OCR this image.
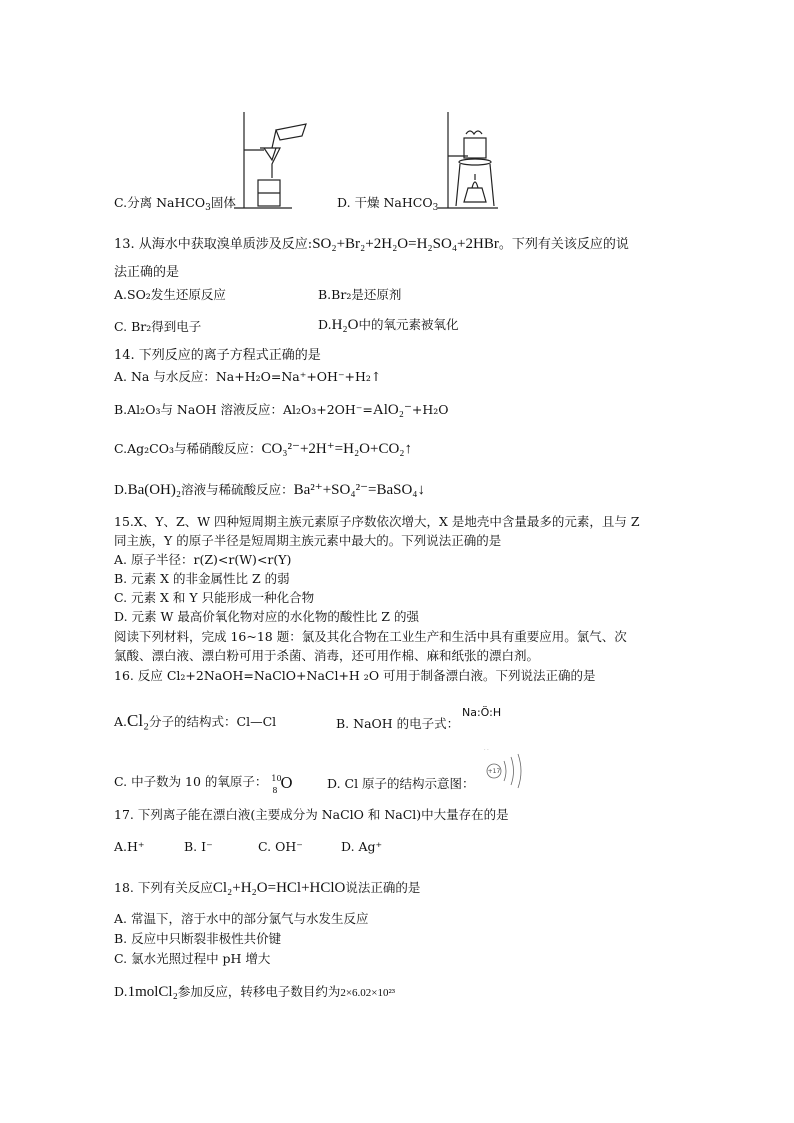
C.分离 NaHCO$_3$固体	D. 干燥 NaHCO$_3$
13. 从海水中获取溴单质涉及反应:SO₂+Br₂+2H₂O=H₂SO₄+2HBr。下列有关该反应的说
法正确的是
A.SO₂发生还原反应	B.Br₂是还原剂
C. Br₂得到电子	D.H₂O中的氧元素被氧化
14. 下列反应的离子方程式正确的是
A. Na 与水反应：Na+H₂O=Na⁺+OH⁻+H₂↑
B.Al₂O₃与 NaOH 溶液反应：Al₂O₃+2OH⁻=AlO₂⁻+H₂O
C.Ag₂CO₃与稀硝酸反应：CO₃²⁻+2H⁺=H₂O+CO₂↑
D.Ba(OH)₂溶液与稀硫酸反应：Ba²⁺+SO₄²⁻=BaSO₄↓
15.X、Y、Z、W 四种短周期主族元素原子序数依次增大，X 是地壳中含量最多的元素，且与 Z
同主族，Y 的原子半径是短周期主族元素中最大的。下列说法正确的是
A. 原子半径：r(Z)<r(W)<r(Y)
B. 元素 X 的非金属性比 Z 的弱
C. 元素 X 和 Y 只能形成一种化合物
D. 元素 W 最高价氧化物对应的水化物的酸性比 Z 的强
阅读下列材料，完成 16~18 题：氯及其化合物在工业生产和生活中具有重要应用。氯气、次
氯酸、漂白液、漂白粉可用于杀菌、消毒，还可用作棉、麻和纸张的漂白剂。
16. 反应 Cl₂+2NaOH=NaClO+NaCl+H ₂O 可用于制备漂白液。下列说法正确的是
A.Cl₂分子的结构式：Cl—Cl	B. NaOH 的电子式：
Na:Ö:H
C. 中子数为 10 的氧原子： 10
8 O	D. Cl 原子的结构示意图：
+17
· ·
17. 下列离子能在漂白液(主要成分为 NaClO 和 NaCl)中大量存在的是
A.H⁺	B. I⁻	C. OH⁻	D. Ag⁺
18. 下列有关反应Cl₂+H₂O=HCl+HClO说法正确的是
A. 常温下，溶于水中的部分氯气与水发生反应
B. 反应中只断裂非极性共价键
C. 氯水光照过程中 pH 增大
D.1molCl₂参加反应，转移电子数目约为2×6.02×10²³
